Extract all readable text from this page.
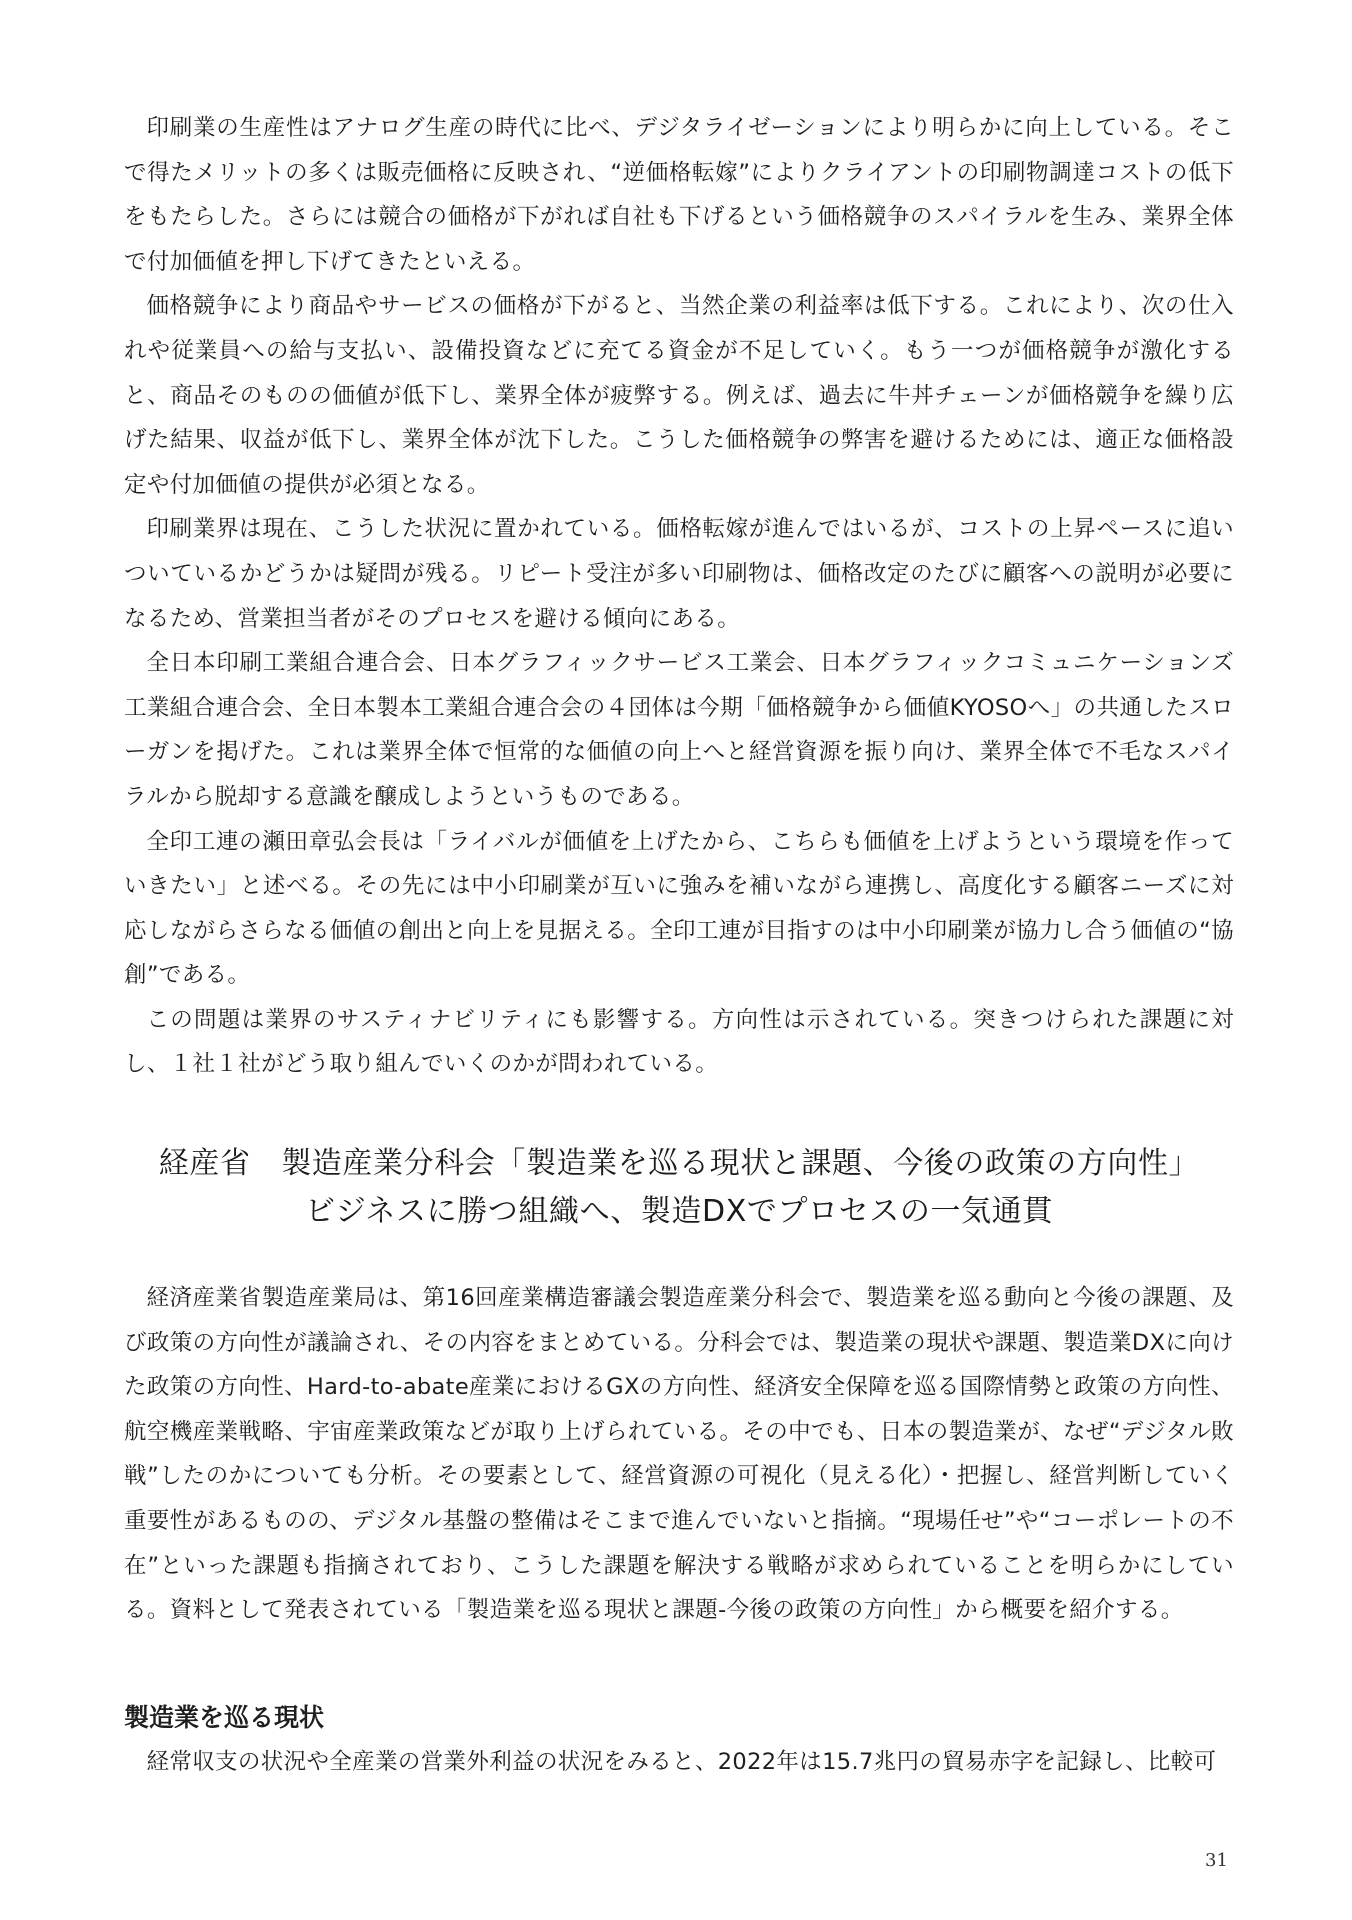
印刷業の生産性はアナログ生産の時代に比べ、デジタライゼーションにより明らかに向上している。そこで得たメリットの多くは販売価格に反映され、“逆価格転嫁”によりクライアントの印刷物調達コストの低下をもたらした。さらには競合の価格が下がれば自社も下げるという価格競争のスパイラルを生み、業界全体で付加価値を押し下げてきたといえる。

価格競争により商品やサービスの価格が下がると、当然企業の利益率は低下する。これにより、次の仕入れや従業員への給与支払い、設備投資などに充てる資金が不足していく。もう一つが価格競争が激化すると、商品そのものの価値が低下し、業界全体が疲弊する。例えば、過去に牛丼チェーンが価格競争を繰り広げた結果、収益が低下し、業界全体が沈下した。こうした価格競争の弊害を避けるためには、適正な価格設定や付加価値の提供が必須となる。

印刷業界は現在、こうした状況に置かれている。価格転嫁が進んではいるが、コストの上昇ペースに追いついているかどうかは疑問が残る。リピート受注が多い印刷物は、価格改定のたびに顧客への説明が必要になるため、営業担当者がそのプロセスを避ける傾向にある。

全日本印刷工業組合連合会、日本グラフィックサービス工業会、日本グラフィックコミュニケーションズ工業組合連合会、全日本製本工業組合連合会の４団体は今期「価格競争から価値KYOSOへ」の共通したスローガンを掲げた。これは業界全体で恒常的な価値の向上へと経営資源を振り向け、業界全体で不毛なスパイラルから脱却する意識を醸成しようというものである。

全印工連の瀬田章弘会長は「ライバルが価値を上げたから、こちらも価値を上げようという環境を作っていきたい」と述べる。その先には中小印刷業が互いに強みを補いながら連携し、高度化する顧客ニーズに対応しながらさらなる価値の創出と向上を見据える。全印工連が目指すのは中小印刷業が協力し合う価値の“協創”である。

この問題は業界のサスティナビリティにも影響する。方向性は示されている。突きつけられた課題に対し、１社１社がどう取り組んでいくのかが問われている。

経産省　製造産業分科会「製造業を巡る現状と課題、今後の政策の方向性」
ビジネスに勝つ組織へ、製造DXでプロセスの一気通貫

経済産業省製造産業局は、第16回産業構造審議会製造産業分科会で、製造業を巡る動向と今後の課題、及び政策の方向性が議論され、その内容をまとめている。分科会では、製造業の現状や課題、製造業DXに向けた政策の方向性、Hard-to-abate産業におけるGXの方向性、経済安全保障を巡る国際情勢と政策の方向性、航空機産業戦略、宇宙産業政策などが取り上げられている。その中でも、日本の製造業が、なぜ“デジタル敗戦”したのかについても分析。その要素として、経営資源の可視化（見える化）・把握し、経営判断していく重要性があるものの、デジタル基盤の整備はそこまで進んでいないと指摘。“現場任せ”や“コーポレートの不在”といった課題も指摘されており、こうした課題を解決する戦略が求められていることを明らかにしている。資料として発表されている「製造業を巡る現状と課題-今後の政策の方向性」から概要を紹介する。

製造業を巡る現状

経常収支の状況や全産業の営業外利益の状況をみると、2022年は15.7兆円の貿易赤字を記録し、比較可

31
